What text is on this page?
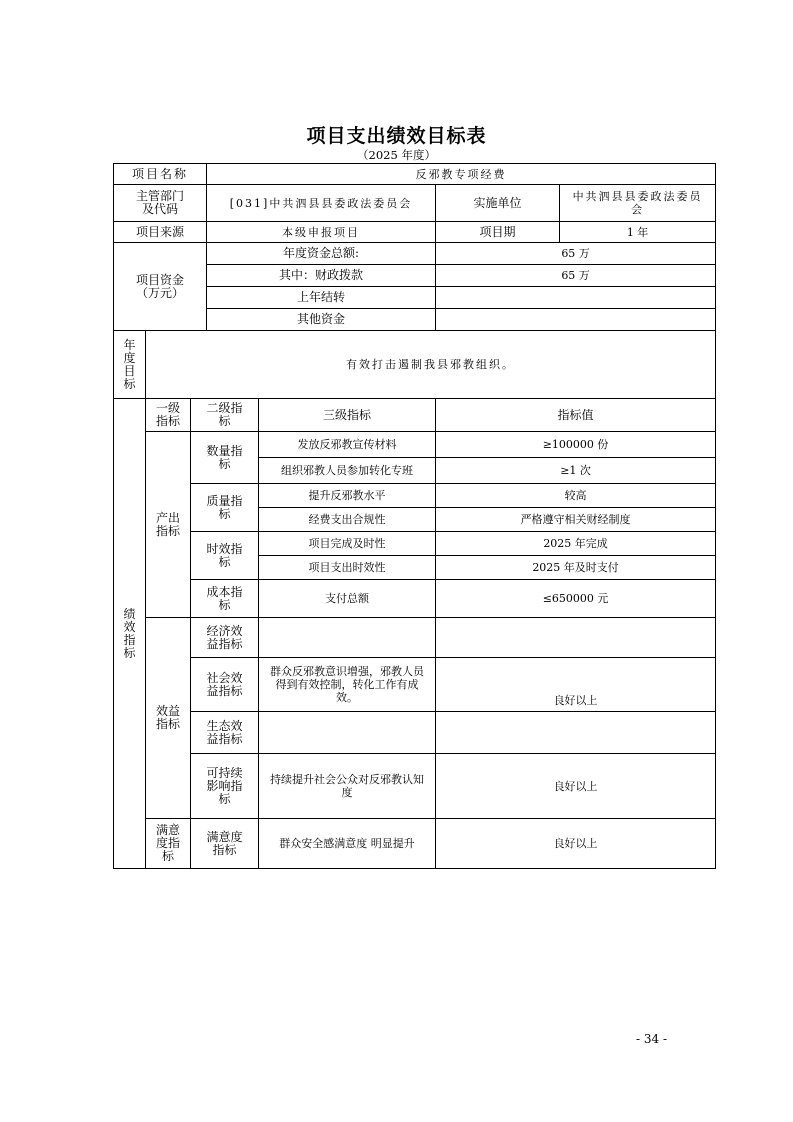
项目支出绩效目标表
（2025 年度）
项目名称			反邪教专项经费			
主管部门及代码			[031]中共泗县县委政法委员会		实施单位	中共泗县县委政法委员会
项目来源			本级申报项目		项目期	1 年
项目资金（万元）			年度资金总额:		65 万	
			其中：财政拨款		65 万	
			上年结转			
			其他资金			
年度目标	有效打击遏制我县邪教组织。					
绩效指标	一级指标	二级指标		三级指标	指标值	
	产出指标	数量指标		发放反邪教宣传材料	≥100000 份	
				组织邪教人员参加转化专班	≥1 次	
		质量指标		提升反邪教水平	较高	
				经费支出合规性	严格遵守相关财经制度	
		时效指标		项目完成及时性	2025 年完成	
				项目支出时效性	2025 年及时支付	
		成本指标		支付总额	≤650000 元	
	效益指标	经济效益指标				
		社会效益指标		群众反邪教意识增强，邪教人员得到有效控制，转化工作有成效。	良好以上	
		生态效益指标				
		可持续影响指标		持续提升社会公众对反邪教认知度	良好以上	
	满意度指标	满意度指标		群众安全感满意度 明显提升	良好以上	
- 34 -
